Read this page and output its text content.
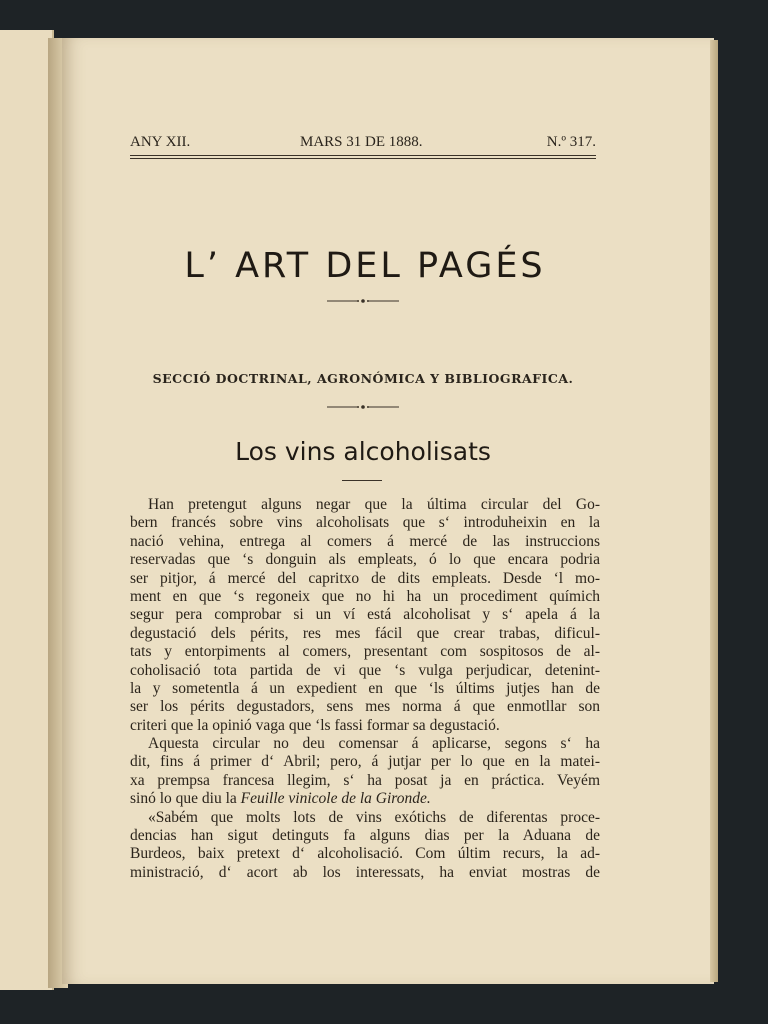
ANY XII.	MARS 31 DE 1888.	N.º 317.
L’ ART DEL PAGÉS
SECCIÓ DOCTRINAL, AGRONÓMICA Y BIBLIOGRAFICA.
Los vins alcoholisats
Han pretengut alguns negar que la última circular del Go-
bern francés sobre vins alcoholisats que s‘ introduheixin en la
nació vehina, entrega al comers á mercé de las instruccions
reservadas que ‘s donguin als empleats, ó lo que encara podria
ser pitjor, á mercé del capritxo de dits empleats. Desde ‘l mo-
ment en que ‘s regoneix que no hi ha un procediment químich
segur pera comprobar si un ví está alcoholisat y s‘ apela á la
degustació dels périts, res mes fácil que crear trabas, dificul-
tats y entorpiments al comers, presentant com sospitosos de al-
coholisació tota partida de vi que ‘s vulga perjudicar, detenint-
la y sometentla á un expedient en que ‘ls últims jutjes han de
ser los périts degustadors, sens mes norma á que enmotllar son
criteri que la opinió vaga que ‘ls fassi formar sa degustació.
Aquesta circular no deu comensar á aplicarse, segons s‘ ha
dit, fins á primer d‘ Abril; pero, á jutjar per lo que en la matei-
xa prempsa francesa llegim, s‘ ha posat ja en práctica. Veyém
sinó lo que diu la Feuille vinicole de la Gironde.
«Sabém que molts lots de vins exótichs de diferentas proce-
dencias han sigut detinguts fa alguns dias per la Aduana de
Burdeos, baix pretext d‘ alcoholisació. Com últim recurs, la ad-
ministració, d‘ acort ab los interessats, ha enviat mostras de
